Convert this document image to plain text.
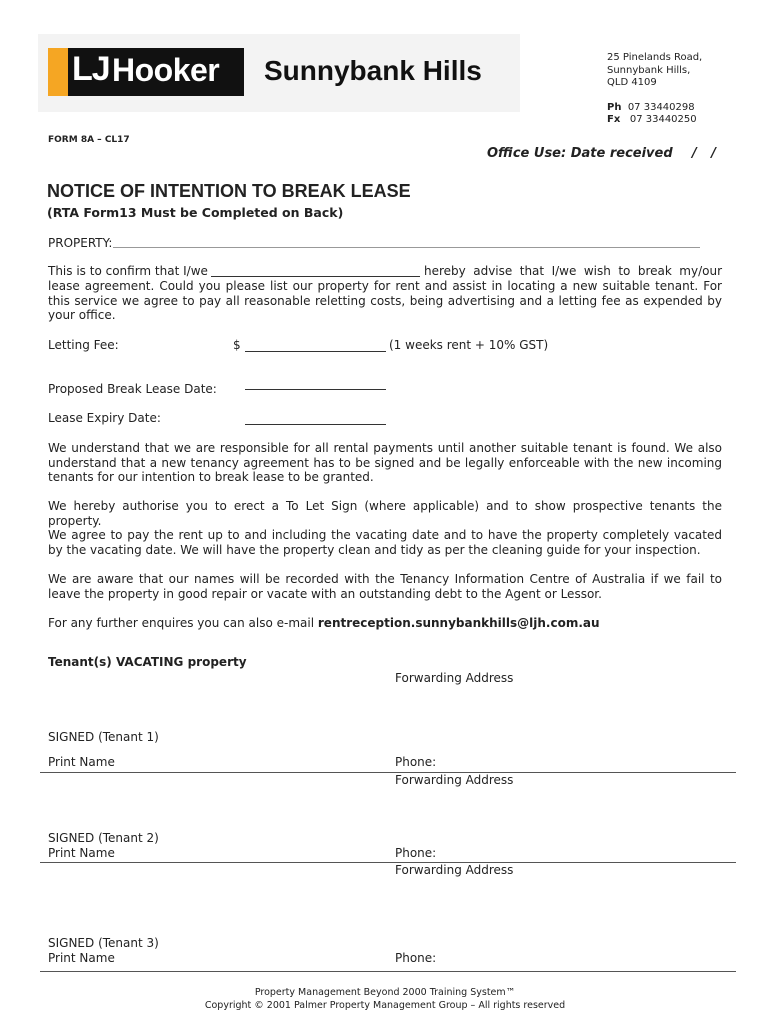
LJ Hooker Sunnybank Hills	25 Pinelands Road,
Sunnybank Hills,
QLD 4109
Ph 07 33440298
Fx 07 33440250
FORM 8A – CL17
Office Use: Date received / /
NOTICE OF INTENTION TO BREAK LEASE
(RTA Form13 Must be Completed on Back)
PROPERTY:
This is to confirm that I/we	hereby advise that I/we wish to break my/our
lease agreement. Could you please list our property for rent and assist in locating a new suitable tenant. For this service we agree to pay all reasonable reletting costs, being advertising and a letting fee as expended by your office.
Letting Fee:	$	(1 weeks rent + 10% GST)
Proposed Break Lease Date:
Lease Expiry Date:
We understand that we are responsible for all rental payments until another suitable tenant is found. We also understand that a new tenancy agreement has to be signed and be legally enforceable with the new incoming tenants for our intention to break lease to be granted.
We hereby authorise you to erect a To Let Sign (where applicable) and to show prospective tenants the property.
We agree to pay the rent up to and including the vacating date and to have the property completely vacated by the vacating date. We will have the property clean and tidy as per the cleaning guide for your inspection.
We are aware that our names will be recorded with the Tenancy Information Centre of Australia if we fail to leave the property in good repair or vacate with an outstanding debt to the Agent or Lessor.
For any further enquires you can also e-mail rentreception.sunnybankhills@ljh.com.au
Tenant(s) VACATING property
Forwarding Address
SIGNED (Tenant 1)
Print Name	Phone:
Forwarding Address
SIGNED (Tenant 2)
Print Name	Phone:
Forwarding Address
SIGNED (Tenant 3)
Print Name	Phone:
Property Management Beyond 2000 Training System™
Copyright © 2001 Palmer Property Management Group – All rights reserved
